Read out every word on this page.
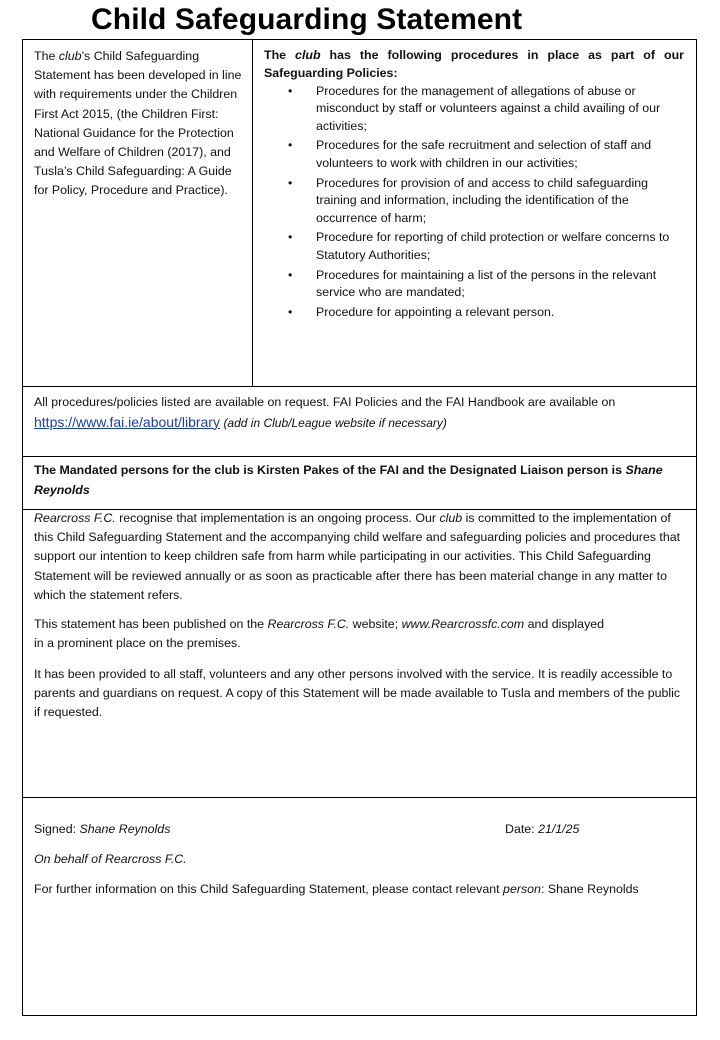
Child Safeguarding Statement
The club’s Child Safeguarding Statement has been developed in line with requirements under the Children First Act 2015, (the Children First: National Guidance for the Protection and Welfare of Children (2017), and Tusla’s Child Safeguarding: A Guide for Policy, Procedure and Practice).
The club has the following procedures in place as part of our Safeguarding Policies:
• Procedures for the management of allegations of abuse or misconduct by staff or volunteers against a child availing of our activities;
• Procedures for the safe recruitment and selection of staff and volunteers to work with children in our activities;
• Procedures for provision of and access to child safeguarding training and information, including the identification of the occurrence of harm;
• Procedure for reporting of child protection or welfare concerns to Statutory Authorities;
• Procedures for maintaining a list of the persons in the relevant service who are mandated;
• Procedure for appointing a relevant person.
All procedures/policies listed are available on request. FAI Policies and the FAI Handbook are available on
https://www.fai.ie/about/library (add in Club/League website if necessary)
The Mandated persons for the club is Kirsten Pakes of the FAI and the Designated Liaison person is Shane Reynolds
Rearcross F.C. recognise that implementation is an ongoing process. Our club is committed to the implementation of this Child Safeguarding Statement and the accompanying child welfare and safeguarding policies and procedures that support our intention to keep children safe from harm while participating in our activities. This Child Safeguarding Statement will be reviewed annually or as soon as practicable after there has been material change in any matter to which the statement refers.
This statement has been published on the Rearcross F.C. website; www.Rearcrossfc.com and displayed
in a prominent place on the premises.
It has been provided to all staff, volunteers and any other persons involved with the service. It is readily accessible to parents and guardians on request. A copy of this Statement will be made available to Tusla and members of the public if requested.
Signed: Shane Reynolds	Date: 21/1/25
On behalf of Rearcross F.C.
For further information on this Child Safeguarding Statement, please contact relevant person: Shane Reynolds
